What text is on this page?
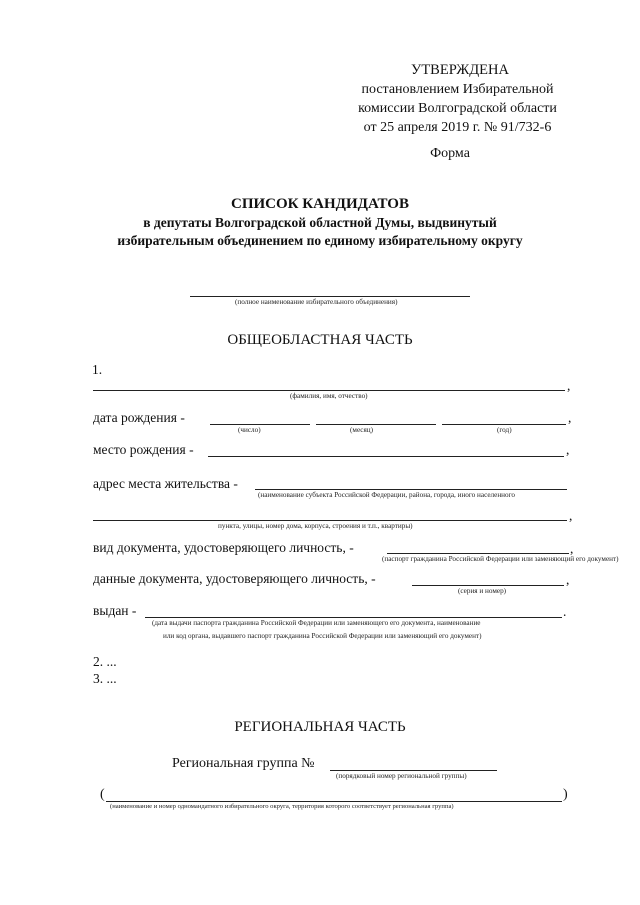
УТВЕРЖДЕНА
постановлением Избирательной
комиссии Волгоградской области
от 25 апреля 2019 г. № 91/732-6
Форма
СПИСОК КАНДИДАТОВ
в депутаты Волгоградской областной Думы, выдвинутый
избирательным объединением по единому избирательному округу
(полное наименование избирательного объединения)
ОБЩЕОБЛАСТНАЯ ЧАСТЬ
1.
,
(фамилия, имя, отчество)
дата рождения -	,
(число)	(месяц)	(год)
место рождения -	,
адрес места жительства -
(наименование субъекта Российской Федерации, района, города, иного населенного
,
пункта, улицы, номер дома, корпуса, строения и т.п., квартиры)
вид документа, удостоверяющего личность, -	,
(паспорт гражданина Российской Федерации или заменяющий его документ)
данные документа, удостоверяющего личность, -	,
(серия и номер)
выдан -	.
(дата выдачи паспорта гражданина Российской Федерации или заменяющего его документа, наименование
или код органа, выдавшего паспорт гражданина Российской Федерации или заменяющий его документ)
2. ...
3. ...
РЕГИОНАЛЬНАЯ ЧАСТЬ
Региональная группа №
(порядковый номер региональной группы)
(	)
(наименование и номер одномандатного избирательного округа, территория которого соответствует региональная группа)
